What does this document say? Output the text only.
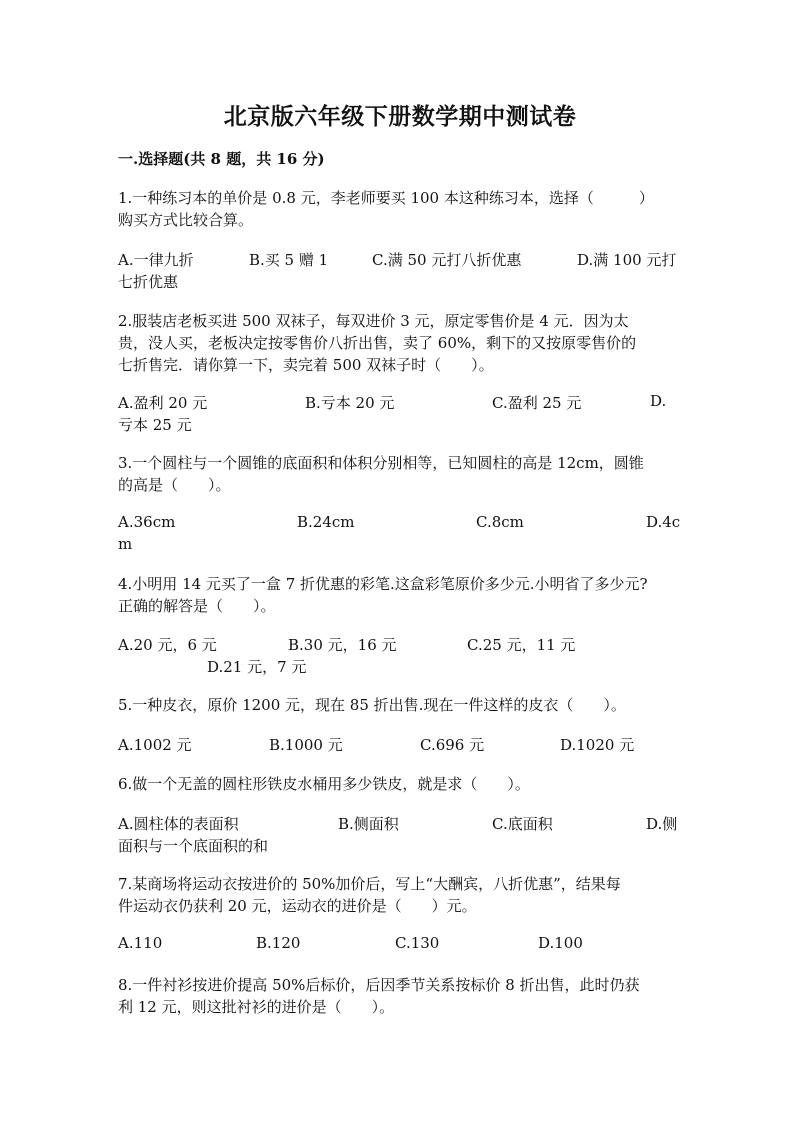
北京版六年级下册数学期中测试卷
一.选择题(共 8 题，共 16 分)
1.一种练习本的单价是 0.8 元，李老师要买 100 本这种练习本，选择（　　　）
购买方式比较合算。
A.一律九折	B.买 5 赠 1	C.满 50 元打八折优惠	D.满 100 元打
七折优惠
2.服装店老板买进 500 双袜子，每双进价 3 元，原定零售价是 4 元．因为太
贵，没人买，老板决定按零售价八折出售，卖了 60%，剩下的又按原零售价的
七折售完．请你算一下，卖完着 500 双袜子时（　　）。
A.盈利 20 元	B.亏本 20 元	C.盈利 25 元	D.
亏本 25 元
3.一个圆柱与一个圆锥的底面积和体积分别相等，已知圆柱的高是 12cm，圆锥
的高是（　　）。
A.36cm	B.24cm	C.8cm	D.4c
m
4.小明用 14 元买了一盒 7 折优惠的彩笔.这盒彩笔原价多少元.小明省了多少元?
正确的解答是（　　）。
A.20 元，6 元	B.30 元，16 元	C.25 元，11 元
D.21 元，7 元
5.一种皮衣，原价 1200 元，现在 85 折出售.现在一件这样的皮衣（　　）。
A.1002 元	B.1000 元	C.696 元	D.1020 元
6.做一个无盖的圆柱形铁皮水桶用多少铁皮，就是求（　　）。
A.圆柱体的表面积	B.侧面积	C.底面积	D.侧
面积与一个底面积的和
7.某商场将运动衣按进价的 50%加价后，写上“大酬宾，八折优惠”，结果每
件运动衣仍获利 20 元，运动衣的进价是（　　）元。
A.110	B.120	C.130	D.100
8.一件衬衫按进价提高 50%后标价，后因季节关系按标价 8 折出售，此时仍获
利 12 元，则这批衬衫的进价是（　　）。
